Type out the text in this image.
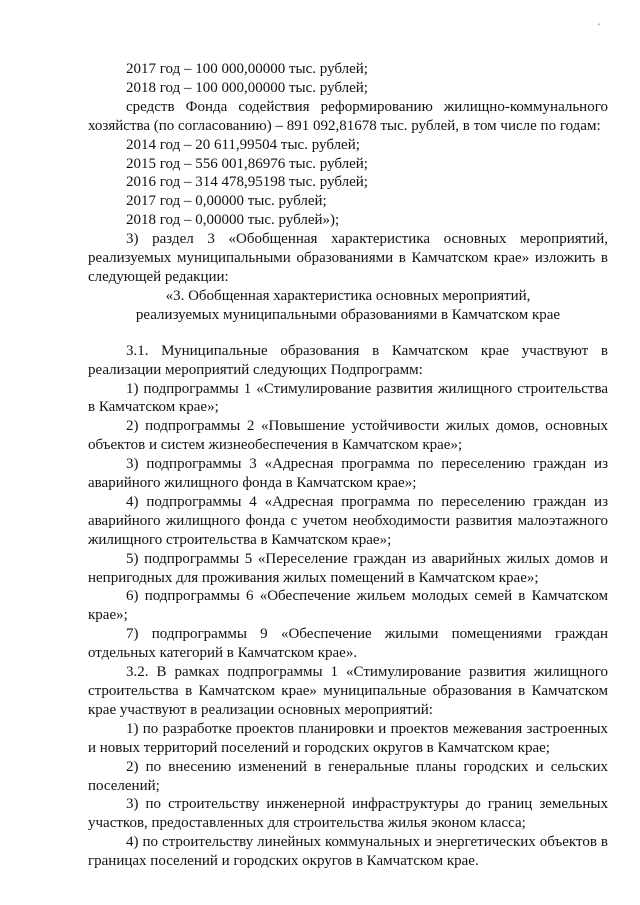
2017 год – 100 000,00000 тыс. рублей;

2018 год – 100 000,00000 тыс. рублей;

средств Фонда содействия реформированию жилищно-коммунального хозяйства (по согласованию) – 891 092,81678 тыс. рублей, в том числе по годам:

2014 год – 20 611,99504 тыс. рублей;

2015 год – 556 001,86976 тыс. рублей;

2016 год – 314 478,95198 тыс. рублей;

2017 год – 0,00000 тыс. рублей;

2018 год – 0,00000 тыс. рублей»);

3) раздел 3 «Обобщенная характеристика основных мероприятий, реализуемых муниципальными образованиями в Камчатском крае» изложить в следующей редакции:

«3. Обобщенная характеристика основных мероприятий,

реализуемых муниципальными образованиями в Камчатском крае

3.1. Муниципальные образования в Камчатском крае участвуют в реализации мероприятий следующих Подпрограмм:

1) подпрограммы 1 «Стимулирование развития жилищного строительства в Камчатском крае»;

2) подпрограммы 2 «Повышение устойчивости жилых домов, основных объектов и систем жизнеобеспечения в Камчатском крае»;

3) подпрограммы 3 «Адресная программа по переселению граждан из аварийного жилищного фонда в Камчатском крае»;

4) подпрограммы 4 «Адресная программа по переселению граждан из аварийного жилищного фонда с учетом необходимости развития малоэтажного жилищного строительства в Камчатском крае»;

5) подпрограммы 5 «Переселение граждан из аварийных жилых домов и непригодных для проживания жилых помещений в Камчатском крае»;

6) подпрограммы 6 «Обеспечение жильем молодых семей в Камчатском крае»;

7) подпрограммы 9 «Обеспечение жилыми помещениями граждан отдельных категорий в Камчатском крае».

3.2. В рамках подпрограммы 1 «Стимулирование развития жилищного строительства в Камчатском крае» муниципальные образования в Камчатском крае участвуют в реализации основных мероприятий:

1) по разработке проектов планировки и проектов межевания застроенных и новых территорий поселений и городских округов в Камчатском крае;

2) по внесению изменений в генеральные планы городских и сельских поселений;

3) по строительству инженерной инфраструктуры до границ земельных участков, предоставленных для строительства жилья эконом класса;

4) по строительству линейных коммунальных и энергетических объектов в границах поселений и городских округов в Камчатском крае.
